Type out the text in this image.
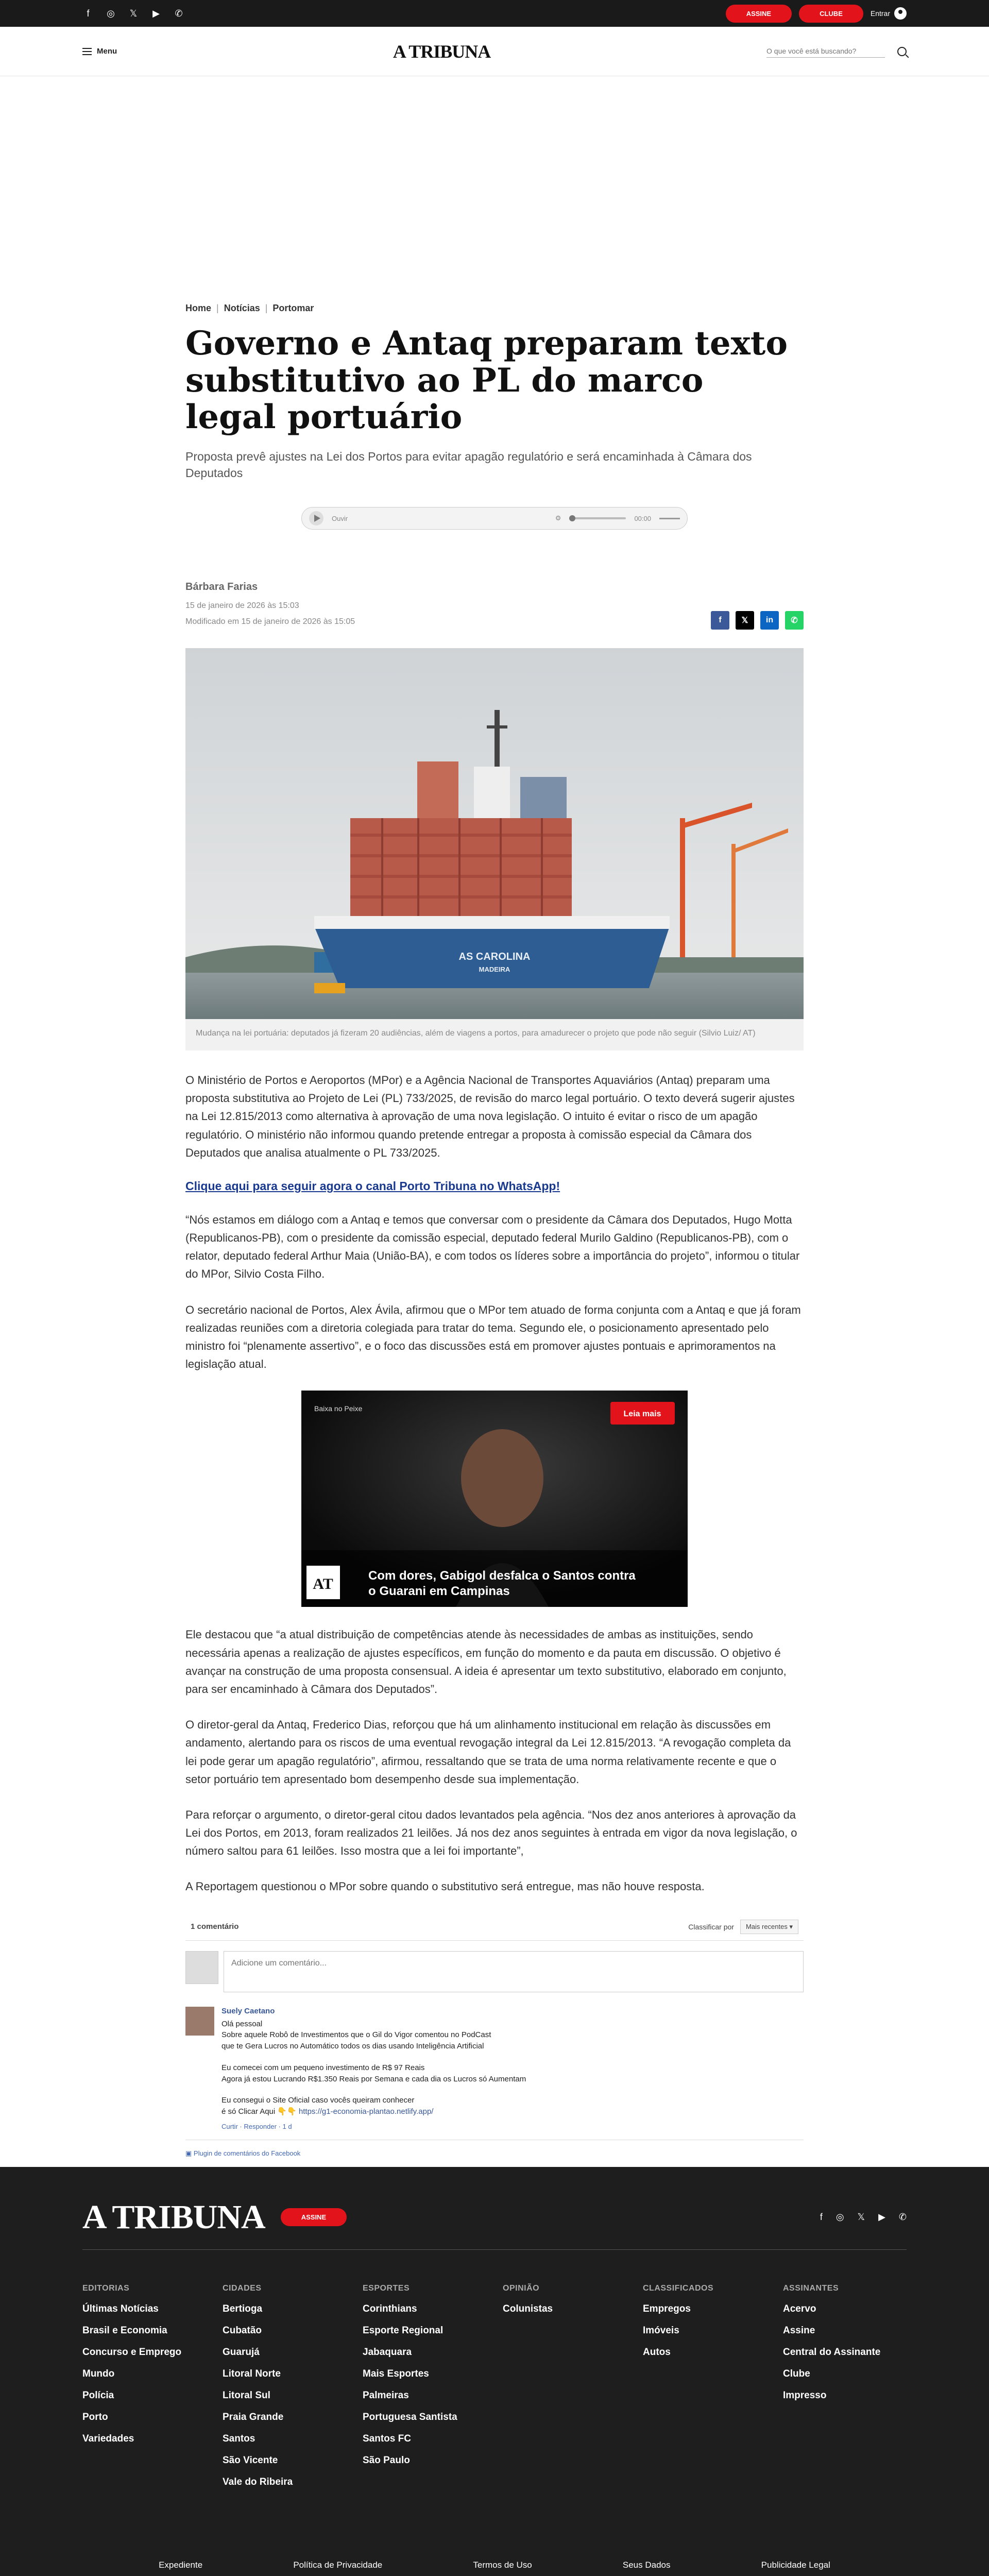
f	◎ 𝕏 ▶ ✆	ASSINE	CLUBE	Entrar
Menu	A TRIBUNA
O que você está buscando?
Home | Notícias | Portomar
Governo e Antaq preparam texto substitutivo ao PL do marco legal portuário
Proposta prevê ajustes na Lei dos Portos para evitar apagão regulatório e será encaminhada à Câmara dos Deputados
Ouvir	⚙	00:00
Bárbara Farias
15 de janeiro de 2026 às 15:03
Modificado em 15 de janeiro de 2026 às 15:05	f	𝕏	in	✆
AS CAROLINA
MADEIRA
Mudança na lei portuária: deputados já fizeram 20 audiências, além de viagens a portos, para amadurecer o projeto que pode não seguir (Silvio Luiz/ AT)

O Ministério de Portos e Aeroportos (MPor) e a Agência Nacional de Transportes Aquaviários (Antaq) preparam uma proposta substitutiva ao Projeto de Lei (PL) 733/2025, de revisão do marco legal portuário. O texto deverá sugerir ajustes na Lei 12.815/2013 como alternativa à aprovação de uma nova legislação. O intuito é evitar o risco de um apagão regulatório. O ministério não informou quando pretende entregar a proposta à comissão especial da Câmara dos Deputados que analisa atualmente o PL 733/2025.

Clique aqui para seguir agora o canal Porto Tribuna no WhatsApp!

“Nós estamos em diálogo com a Antaq e temos que conversar com o presidente da Câmara dos Deputados, Hugo Motta (Republicanos-PB), com o presidente da comissão especial, deputado federal Murilo Galdino (Republicanos-PB), com o relator, deputado federal Arthur Maia (União-BA), e com todos os líderes sobre a importância do projeto”, informou o titular do MPor, Silvio Costa Filho.

O secretário nacional de Portos, Alex Ávila, afirmou que o MPor tem atuado de forma conjunta com a Antaq e que já foram realizadas reuniões com a diretoria colegiada para tratar do tema. Segundo ele, o posicionamento apresentado pelo ministro foi “plenamente assertivo”, e o foco das discussões está em promover ajustes pontuais e aprimoramentos na legislação atual.

Baixa no Peixe
Leia mais
AT	Com dores, Gabigol desfalca o Santos contra o Guarani em Campinas

Ele destacou que “a atual distribuição de competências atende às necessidades de ambas as instituições, sendo necessária apenas a realização de ajustes específicos, em função do momento e da pauta em discussão. O objetivo é avançar na construção de uma proposta consensual. A ideia é apresentar um texto substitutivo, elaborado em conjunto, para ser encaminhado à Câmara dos Deputados”.

O diretor-geral da Antaq, Frederico Dias, reforçou que há um alinhamento institucional em relação às discussões em andamento, alertando para os riscos de uma eventual revogação integral da Lei 12.815/2013. “A revogação completa da lei pode gerar um apagão regulatório”, afirmou, ressaltando que se trata de uma norma relativamente recente e que o setor portuário tem apresentado bom desempenho desde sua implementação.

Para reforçar o argumento, o diretor-geral citou dados levantados pela agência. “Nos dez anos anteriores à aprovação da Lei dos Portos, em 2013, foram realizados 21 leilões. Já nos dez anos seguintes à entrada em vigor da nova legislação, o número saltou para 61 leilões. Isso mostra que a lei foi importante”,

A Reportagem questionou o MPor sobre quando o substitutivo será entregue, mas não houve resposta.

1 comentário	Classificar por	Mais recentes ▾
Adicione um comentário...
Suely Caetano
Olá pessoal
Sobre aquele Robô de Investimentos que o Gil do Vigor comentou no PodCast
que te Gera Lucros no Automático todos os dias usando Inteligência Artificial
Eu comecei com um pequeno investimento de R$ 97 Reais
Agora já estou Lucrando R$1.350 Reais por Semana e cada dia os Lucros só Aumentam
Eu consegui o Site Oficial caso vocês queiram conhecer
é só Clicar Aqui 👇👇 https://g1-economia-plantao.netlify.app/
Curtir · Responder · 1 d
▣ Plugin de comentários do Facebook
A TRIBUNA	ASSINE	f ◎ 𝕏 ▶ ✆
EDITORIAS
Últimas Notícias
Brasil e Economia
Concurso e Emprego
Mundo
Polícia
Porto
Variedades
CIDADES
Bertioga
Cubatão
Guarujá
Litoral Norte
Litoral Sul
Praia Grande
Santos
São Vicente
Vale do Ribeira
ESPORTES
Corinthians
Esporte Regional
Jabaquara
Mais Esportes
Palmeiras
Portuguesa Santista
Santos FC
São Paulo
OPINIÃO
Colunistas
CLASSIFICADOS
Empregos
Imóveis
Autos
ASSINANTES
Acervo
Assine
Central do Assinante
Clube
Impresso
Expediente	Política de Privacidade	Termos de Uso	Seus Dados	Publicidade Legal
